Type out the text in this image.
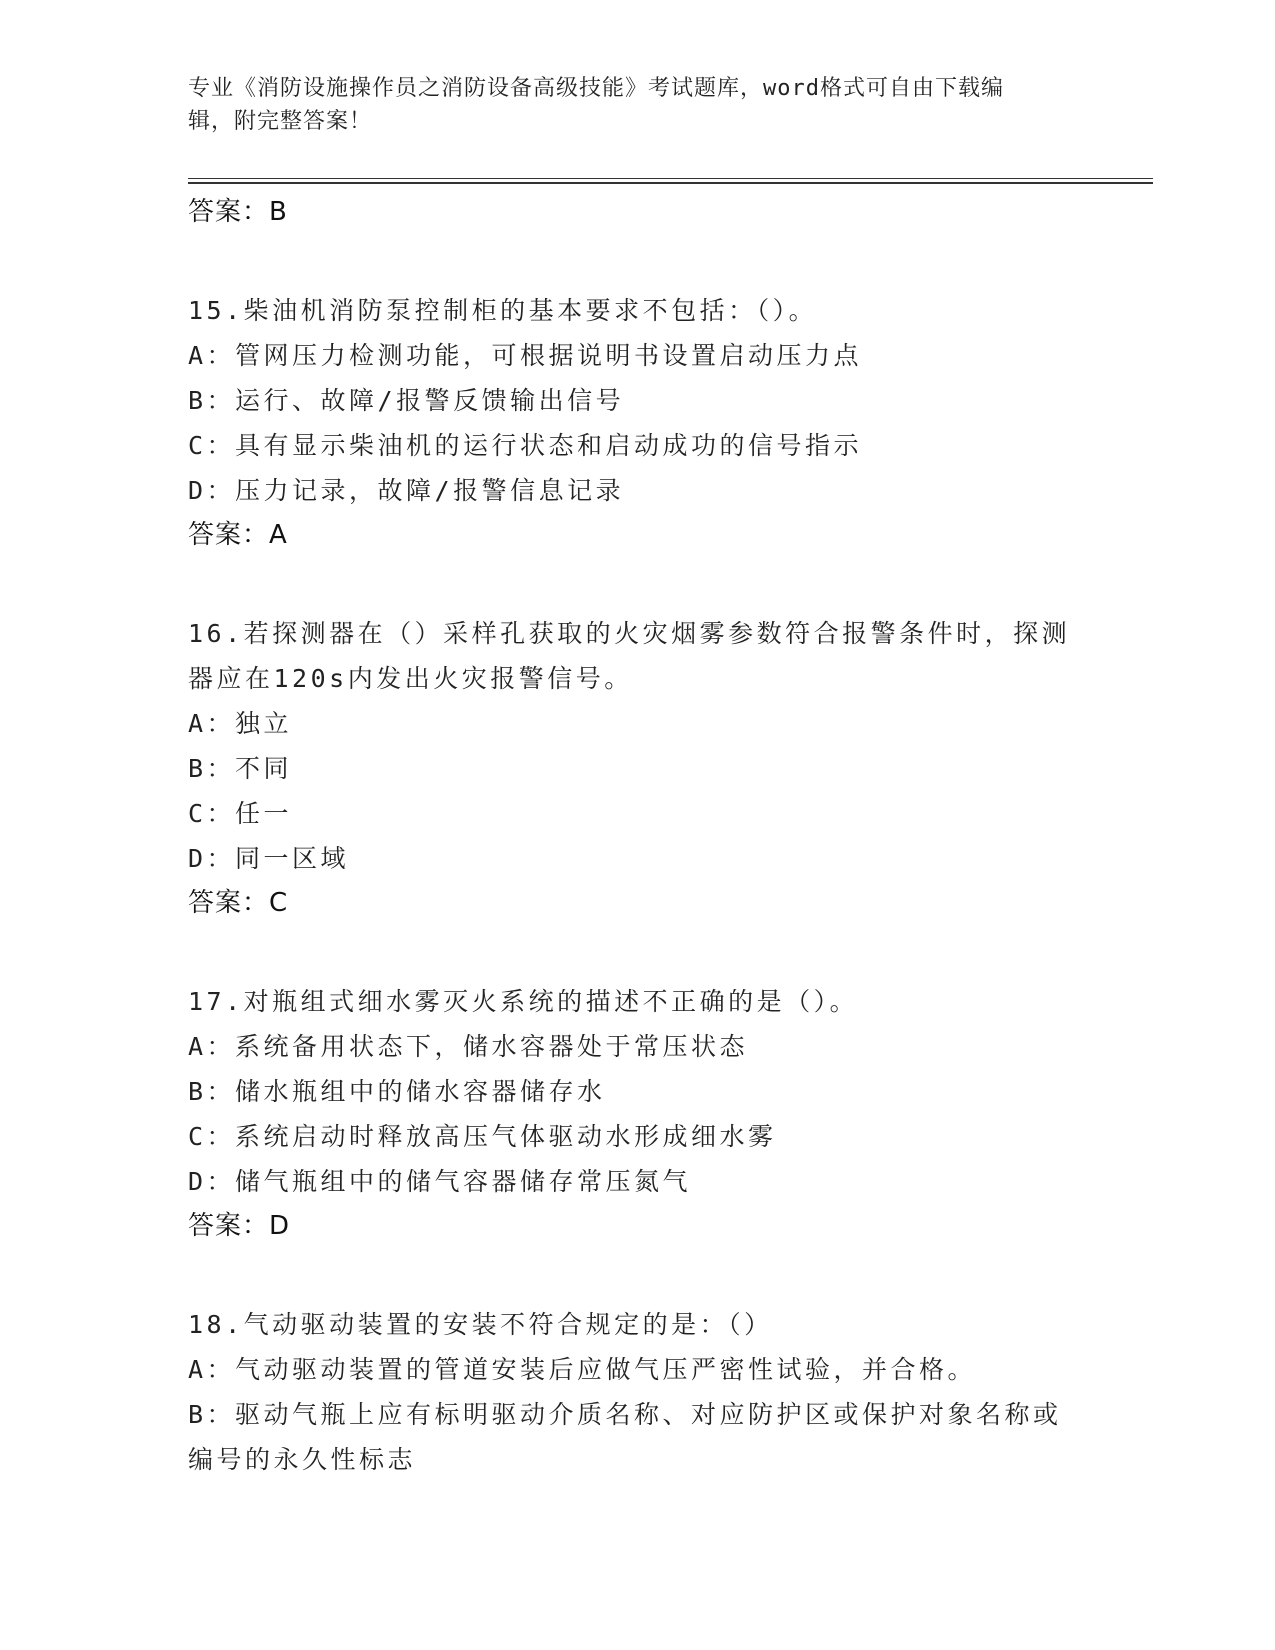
专业《消防设施操作员之消防设备高级技能》考试题库，word格式可自由下载编
辑，附完整答案！
答案：B
15.柴油机消防泵控制柜的基本要求不包括：（）。
A：管网压力检测功能，可根据说明书设置启动压力点
B：运行、故障/报警反馈输出信号
C：具有显示柴油机的运行状态和启动成功的信号指示
D：压力记录，故障/报警信息记录
答案：A
16.若探测器在（）采样孔获取的火灾烟雾参数符合报警条件时，探测
器应在120s内发出火灾报警信号。
A：独立
B：不同
C：任一
D：同一区域
答案：C
17.对瓶组式细水雾灭火系统的描述不正确的是（）。
A：系统备用状态下，储水容器处于常压状态
B：储水瓶组中的储水容器储存水
C：系统启动时释放高压气体驱动水形成细水雾
D：储气瓶组中的储气容器储存常压氮气
答案：D
18.气动驱动装置的安装不符合规定的是：（）
A：气动驱动装置的管道安装后应做气压严密性试验，并合格。
B：驱动气瓶上应有标明驱动介质名称、对应防护区或保护对象名称或
编号的永久性标志
